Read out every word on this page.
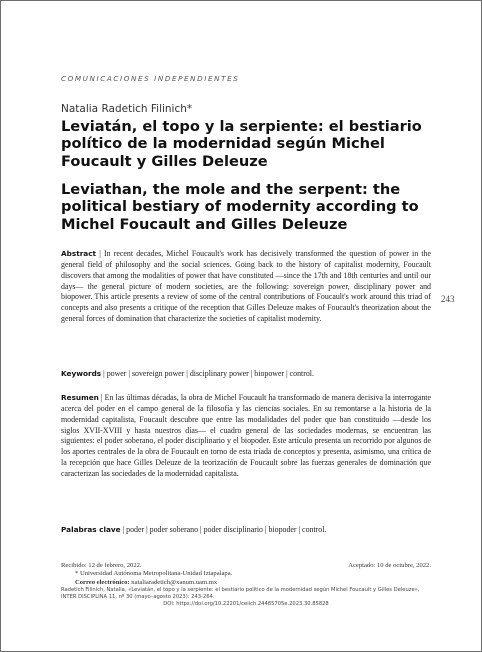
COMUNICACIONES INDEPENDIENTES
Natalia Radetich Filinich*
Leviatán, el topo y la serpiente: el bestiario político de la modernidad según Michel Foucault y Gilles Deleuze
Leviathan, the mole and the serpent: the political bestiary of modernity according to Michel Foucault and Gilles Deleuze
243

Abstract | In recent decades, Michel Foucault's work has decisively transformed the question of power in the general field of philosophy and the social sciences. Going back to the history of capitalist modernity, Foucault discovers that among the modalities of power that have constituted —since the 17th and 18th centuries and until our days— the general picture of modern societies, are the following: sovereign power, disciplinary power and biopower. This article presents a review of some of the central contributions of Foucault's work around this triad of concepts and also presents a critique of the reception that Gilles Deleuze makes of Foucault's theorization about the general forces of domination that characterize the societies of capitalist modernity.

Keywords | power | sovereign power | disciplinary power | biopower | control.

Resumen | En las últimas décadas, la obra de Michel Foucault ha transformado de manera decisiva la interrogante acerca del poder en el campo general de la filosofía y las ciencias sociales. En su remontarse a la historia de la modernidad capitalista, Foucault descubre que entre las modalidades del poder que han constituido —desde los siglos XVII-XVIII y hasta nuestros días— el cuadro general de las sociedades modernas, se encuentran las siguientes: el poder soberano, el poder disciplinario y el biopoder. Este artículo presenta un recorrido por algunos de los aportes centrales de la obra de Foucault en torno de esta tríada de conceptos y presenta, asimismo, una crítica de la recepción que hace Gilles Deleuze de la teorización de Foucault sobre las fuerzas generales de dominación que caracterizan las sociedades de la modernidad capitalista.

Palabras clave | poder | poder soberano | poder disciplinario | biopoder | control.

Recibido: 12 de febrero, 2022.	Aceptado: 10 de octubre, 2022.
* Universidad Autónoma Metropolitana-Unidad Iztapalapa.
Correo electrónico: nataliaradetich@xanum.uam.mx
Radetich Filinich, Natalia, «Leviatán, el topo y la serpiente: el bestiario político de la modernidad según Michel Foucault y Gilles Deleuze», INTER DISCIPLINA 11, nº 30 (mayo–agosto 2023): 243-264.
DOI: https://doi.org/10.22201/ceiich.24485705e.2023.30.85828
